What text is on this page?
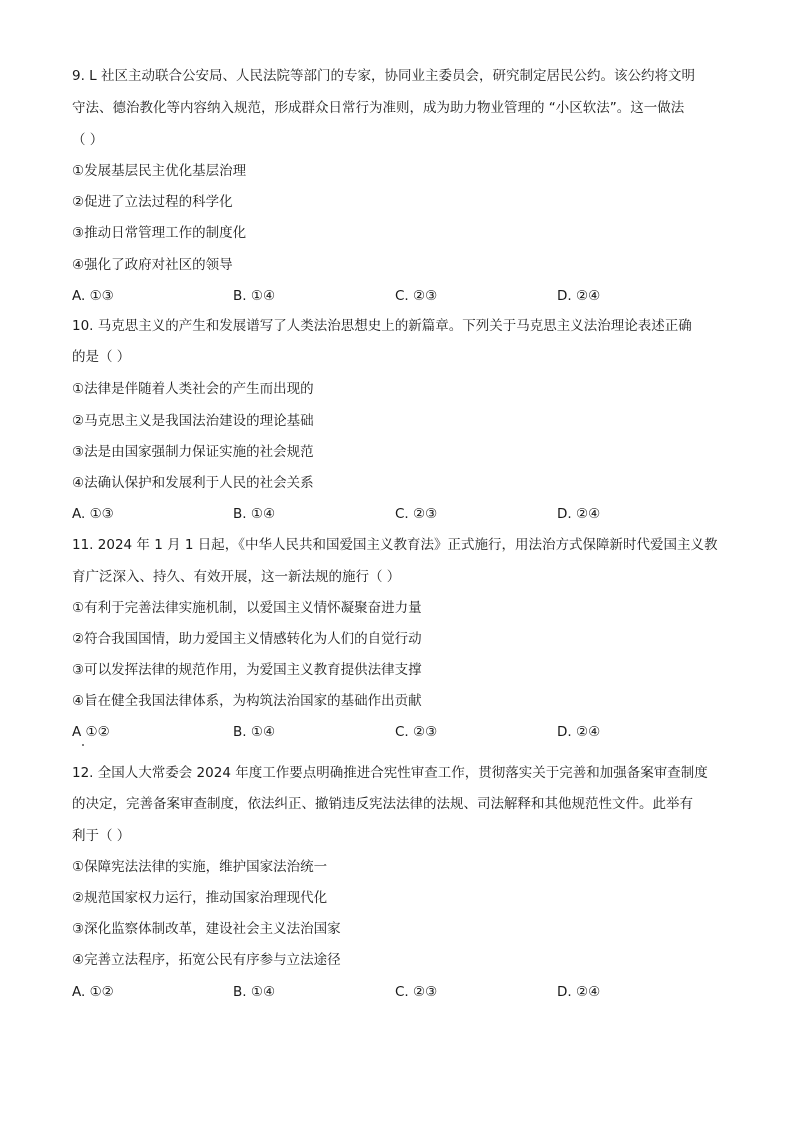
9. L 社区主动联合公安局、人民法院等部门的专家，协同业主委员会，研究制定居民公约。该公约将文明
守法、德治教化等内容纳入规范，形成群众日常行为准则，成为助力物业管理的 “小区软法”。这一做法
（ ）
①发展基层民主优化基层治理
②促进了立法过程的科学化
③推动日常管理工作的制度化
④强化了政府对社区的领导
A. ①③	B. ①④	C. ②③	D. ②④
10. 马克思主义的产生和发展谱写了人类法治思想史上的新篇章。下列关于马克思主义法治理论表述正确
的是（ ）
①法律是伴随着人类社会的产生而出现的
②马克思主义是我国法治建设的理论基础
③法是由国家强制力保证实施的社会规范
④法确认保护和发展利于人民的社会关系
A. ①③	B. ①④	C. ②③	D. ②④
11. 2024 年 1 月 1 日起，《中华人民共和国爱国主义教育法》正式施行，用法治方式保障新时代爱国主义教
育广泛深入、持久、有效开展，这一新法规的施行（ ）
①有利于完善法律实施机制，以爱国主义情怀凝聚奋进力量
②符合我国国情，助力爱国主义情感转化为人们的自觉行动
③可以发挥法律的规范作用，为爱国主义教育提供法律支撑
④旨在健全我国法律体系，为构筑法治国家的基础作出贡献
A ①②	B. ①④	C. ②③	D. ②④
12. 全国人大常委会 2024 年度工作要点明确推进合宪性审查工作，贯彻落实关于完善和加强备案审查制度
的决定，完善备案审查制度，依法纠正、撤销违反宪法法律的法规、司法解释和其他规范性文件。此举有
利于（ ）
①保障宪法法律的实施，维护国家法治统一
②规范国家权力运行，推动国家治理现代化
③深化监察体制改革，建设社会主义法治国家
④完善立法程序，拓宽公民有序参与立法途径
A. ①②	B. ①④	C. ②③	D. ②④
